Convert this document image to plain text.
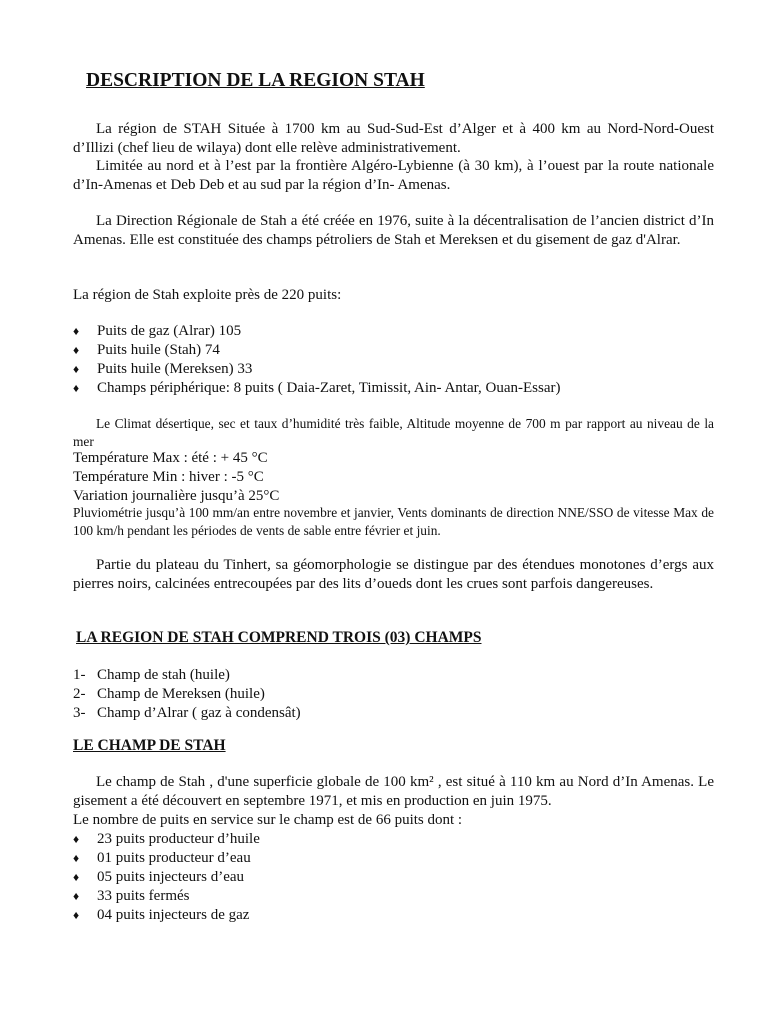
DESCRIPTION DE LA REGION STAH

La région de STAH Située à 1700 km au Sud-Sud-Est d’Alger et à 400 km au Nord-Nord-Ouest d’Illizi (chef lieu de wilaya) dont elle relève administrativement.

Limitée au nord et à l’est par la frontière Algéro-Lybienne (à 30 km), à l’ouest par la route nationale d’In-Amenas et Deb Deb et au sud par la région d’In- Amenas.

La Direction Régionale de Stah a été créée en 1976, suite à la décentralisation de l’ancien district d’In Amenas. Elle est constituée des champs pétroliers de Stah et Mereksen et du gisement de gaz d'Alrar.

La région de Stah exploite près de 220 puits:
♦ Puits de gaz (Alrar) 105
♦ Puits huile (Stah) 74
♦ Puits huile (Mereksen) 33
♦ Champs périphérique: 8 puits ( Daia-Zaret, Timissit, Ain- Antar, Ouan-Essar)

Le Climat désertique, sec et taux d’humidité très faible, Altitude moyenne de 700 m par rapport au niveau de la mer

Température Max : été : + 45 °C
Température Min : hiver : -5 °C
Variation journalière jusqu’à 25°C

Pluviométrie jusqu’à 100 mm/an entre novembre et janvier, Vents dominants de direction NNE/SSO de vitesse Max de 100 km/h pendant les périodes de vents de sable entre février et juin.

Partie du plateau du Tinhert, sa géomorphologie se distingue par des étendues monotones d’ergs aux pierres noirs, calcinées entrecoupées par des lits d’oueds dont les crues sont parfois dangereuses.

LA REGION DE STAH COMPREND TROIS (03) CHAMPS
1- Champ de stah (huile)
2- Champ de Mereksen (huile)
3- Champ d’Alrar ( gaz à condensât)
LE CHAMP DE STAH

Le champ de Stah , d'une superficie globale de 100 km² , est situé à 110 km au Nord d’In Amenas. Le gisement a été découvert en septembre 1971, et mis en production en juin 1975.

Le nombre de puits en service sur le champ est de 66 puits dont :
♦ 23 puits producteur d’huile
♦ 01 puits producteur d’eau
♦ 05 puits injecteurs d’eau
♦ 33 puits fermés
♦ 04 puits injecteurs de gaz
